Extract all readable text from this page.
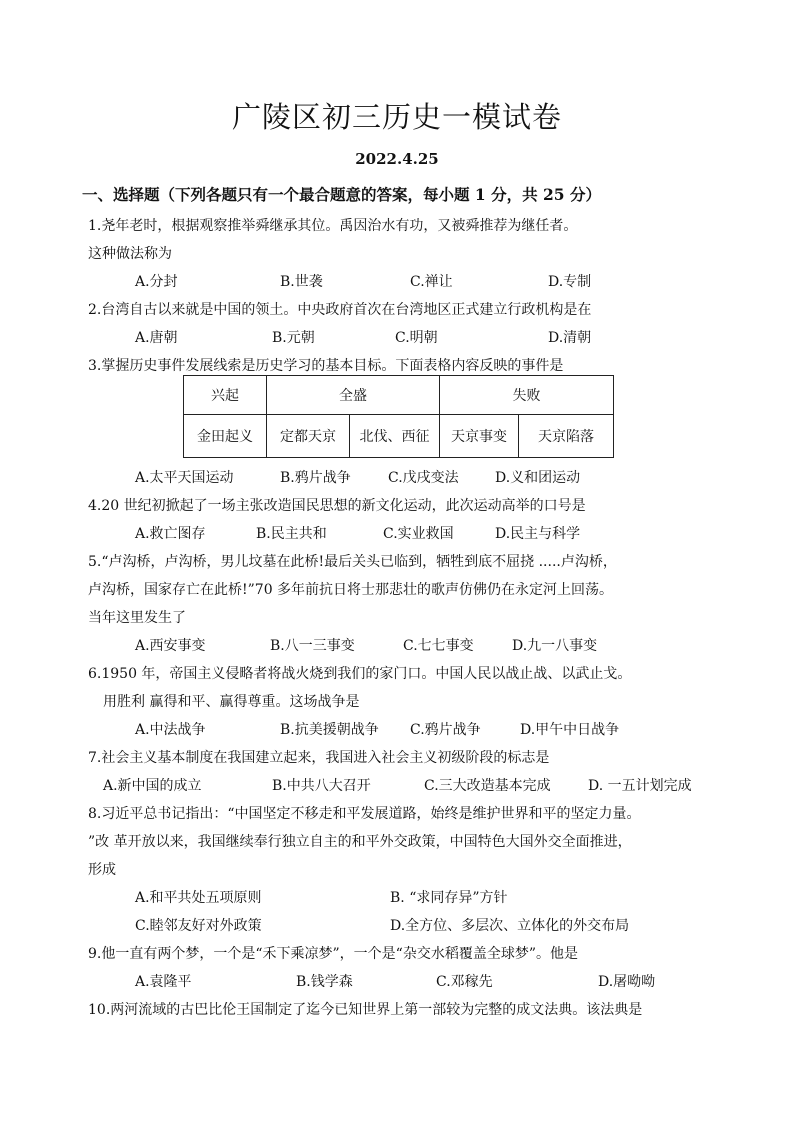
广陵区初三历史一模试卷
2022.4.25
一、选择题（下列各题只有一个最合题意的答案，每小题 1 分，共 25 分）
1.尧年老时，根据观察推举舜继承其位。禹因治水有功，又被舜推荐为继任者。
这种做法称为
A.分封	B.世袭	C.禅让	D.专制
2.台湾自古以来就是中国的领土。中央政府首次在台湾地区正式建立行政机构是在
A.唐朝	B.元朝	C.明朝	D.清朝
3.掌握历史事件发展线索是历史学习的基本目标。下面表格内容反映的事件是
兴起	全盛		失败	
金田起义	定都天京	北伐、西征	天京事变	天京陷落
A.太平天国运动	B.鸦片战争	C.戊戌变法	D.义和团运动
4.20 世纪初掀起了一场主张改造国民思想的新文化运动，此次运动高举的口号是
A.救亡图存	B.民主共和	C.实业救国	D.民主与科学
5.“卢沟桥，卢沟桥，男儿坟墓在此桥!最后关头已临到，牺牲到底不屈挠 .....卢沟桥，
卢沟桥，国家存亡在此桥!”70 多年前抗日将士那悲壮的歌声仿佛仍在永定河上回荡。
当年这里发生了
A.西安事变	B.八一三事变	C.七七事变	D.九一八事变
6.1950 年，帝国主义侵略者将战火烧到我们的家门口。中国人民以战止战、以武止戈。
用胜利 赢得和平、赢得尊重。这场战争是
A.中法战争	B.抗美援朝战争 C.鸦片战争	D.甲午中日战争
7.社会主义基本制度在我国建立起来，我国进入社会主义初级阶段的标志是
A.新中国的成立	B.中共八大召开	C.三大改造基本完成	D. 一五计划完成
8.习近平总书记指出：“中国坚定不移走和平发展道路，始终是维护世界和平的坚定力量。
”改 革开放以来，我国继续奉行独立自主的和平外交政策，中国特色大国外交全面推进，
形成
A.和平共处五项原则	B. “求同存异”方针
C.睦邻友好对外政策	D.全方位、多层次、立体化的外交布局
9.他一直有两个梦，一个是“禾下乘凉梦”，一个是“杂交水稻覆盖全球梦”。他是
A.袁隆平	B.钱学森	C.邓稼先	D.屠呦呦
10.两河流域的古巴比伦王国制定了迄今已知世界上第一部较为完整的成文法典。该法典是
